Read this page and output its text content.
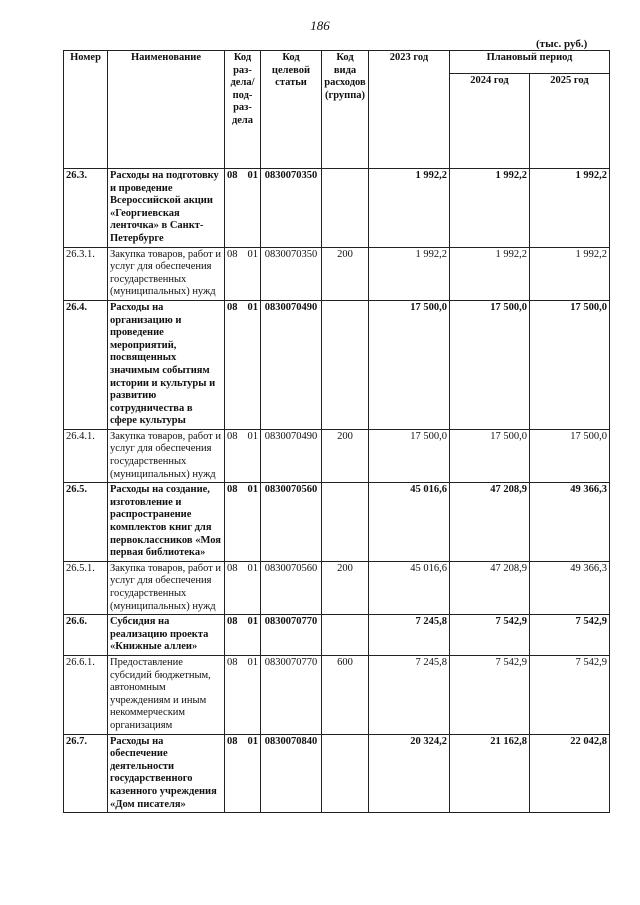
186
(тыс. руб.)
Номер	Наименование	Код раз-дела/ под-раз-дела	Код целевой статьи	Код вида расходов (группа)	2023 год	Плановый период	
						2024 год	2025 год
26.3.	Расходы на подготовку и проведение Всероссийской акции «Георгиевская ленточка» в Санкт-Петербурге	08 01	0830070350		1 992,2	1 992,2	1 992,2
26.3.1.	Закупка товаров, работ и услуг для обеспечения государственных (муниципальных) нужд	08 01	0830070350	200	1 992,2	1 992,2	1 992,2
26.4.	Расходы на организацию и проведение мероприятий, посвященных значимым событиям истории и культуры и развитию сотрудничества в сфере культуры	08 01	0830070490		17 500,0	17 500,0	17 500,0
26.4.1.	Закупка товаров, работ и услуг для обеспечения государственных (муниципальных) нужд	08 01	0830070490	200	17 500,0	17 500,0	17 500,0
26.5.	Расходы на создание, изготовление и распространение комплектов книг для первоклассников «Моя первая библиотека»	08 01	0830070560		45 016,6	47 208,9	49 366,3
26.5.1.	Закупка товаров, работ и услуг для обеспечения государственных (муниципальных) нужд	08 01	0830070560	200	45 016,6	47 208,9	49 366,3
26.6.	Субсидия на реализацию проекта «Книжные аллеи»	08 01	0830070770		7 245,8	7 542,9	7 542,9
26.6.1.	Предоставление субсидий бюджетным, автономным учреждениям и иным некоммерческим организациям	08 01	0830070770	600	7 245,8	7 542,9	7 542,9
26.7.	Расходы на обеспечение деятельности государственного казенного учреждения «Дом писателя»	08 01	0830070840		20 324,2	21 162,8	22 042,8
